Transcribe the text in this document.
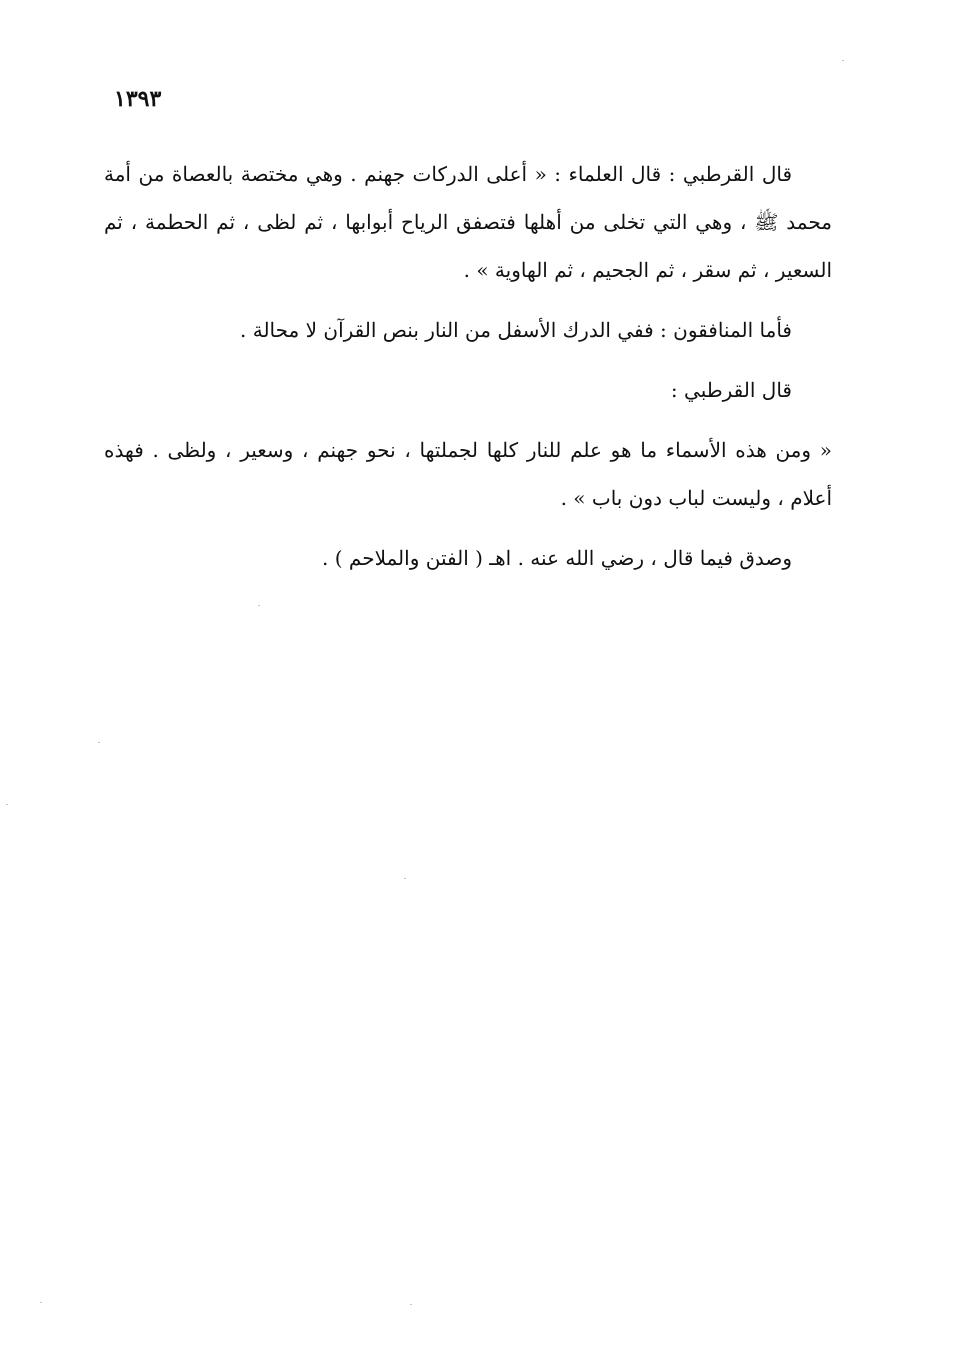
١٣٩٣

قال القرطبي : قال العلماء : « أعلى الدركات جهنم . وهي مختصة بالعصاة من أمة محمد ﷺ ، وهي التي تخلى من أهلها فتصفق الرياح أبوابها ، ثم لظى ، ثم الحطمة ، ثم السعير ، ثم سقر ، ثم الجحيم ، ثم الهاوية » .

فأما المنافقون : ففي الدرك الأسفل من النار بنص القرآن لا محالة .

قال القرطبي :

« ومن هذه الأسماء ما هو علم للنار كلها لجملتها ، نحو جهنم ، وسعير ، ولظى . فهذه أعلام ، وليست لباب دون باب » .

وصدق فيما قال ، رضي الله عنه . اهـ ( الفتن والملاحم ) .
